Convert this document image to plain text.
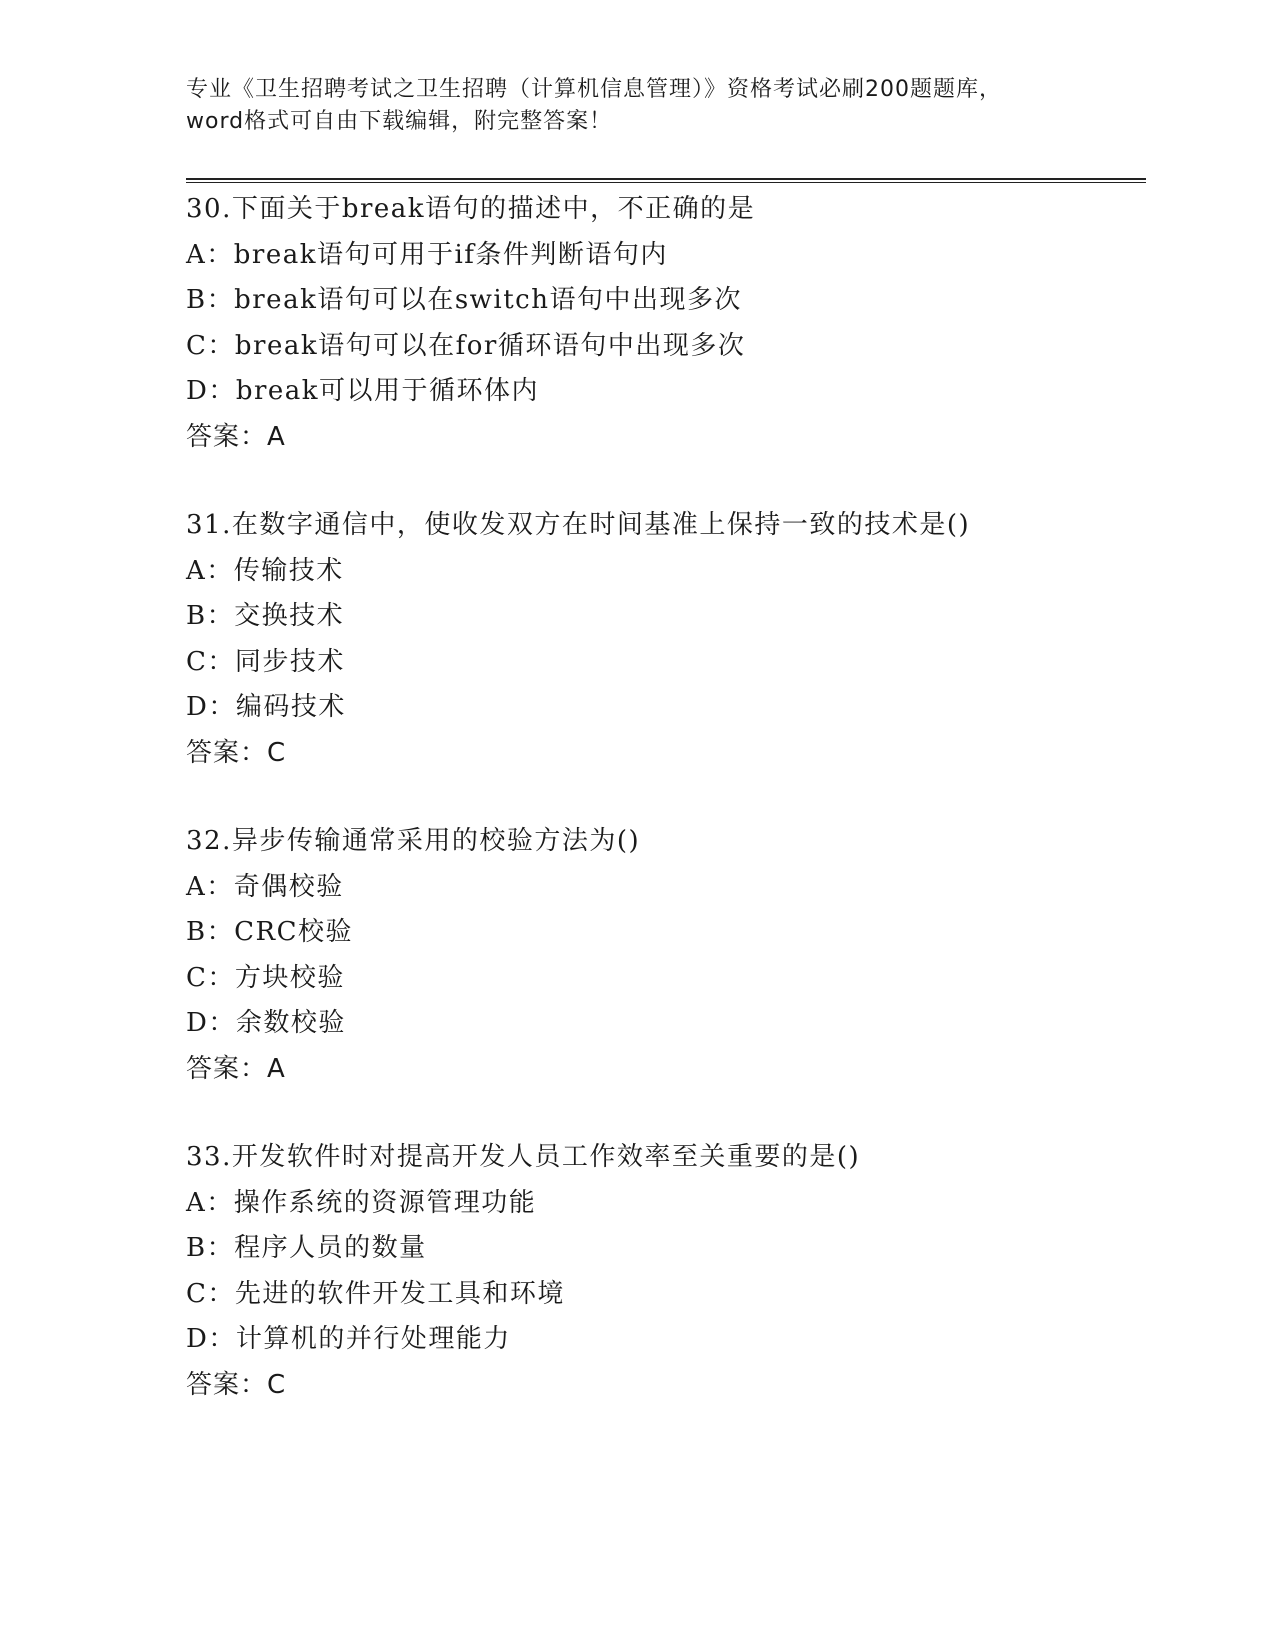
专业《卫生招聘考试之卫生招聘（计算机信息管理）》资格考试必刷200题题库，
word格式可自由下载编辑，附完整答案！
30.下面关于break语句的描述中，不正确的是
A：break语句可用于if条件判断语句内
B：break语句可以在switch语句中出现多次
C：break语句可以在for循环语句中出现多次
D：break可以用于循环体内
答案：A
31.在数字通信中，使收发双方在时间基准上保持一致的技术是()
A：传输技术
B：交换技术
C：同步技术
D：编码技术
答案：C
32.异步传输通常采用的校验方法为()
A：奇偶校验
B：CRC校验
C：方块校验
D：余数校验
答案：A
33.开发软件时对提高开发人员工作效率至关重要的是()
A：操作系统的资源管理功能
B：程序人员的数量
C：先进的软件开发工具和环境
D：计算机的并行处理能力
答案：C
